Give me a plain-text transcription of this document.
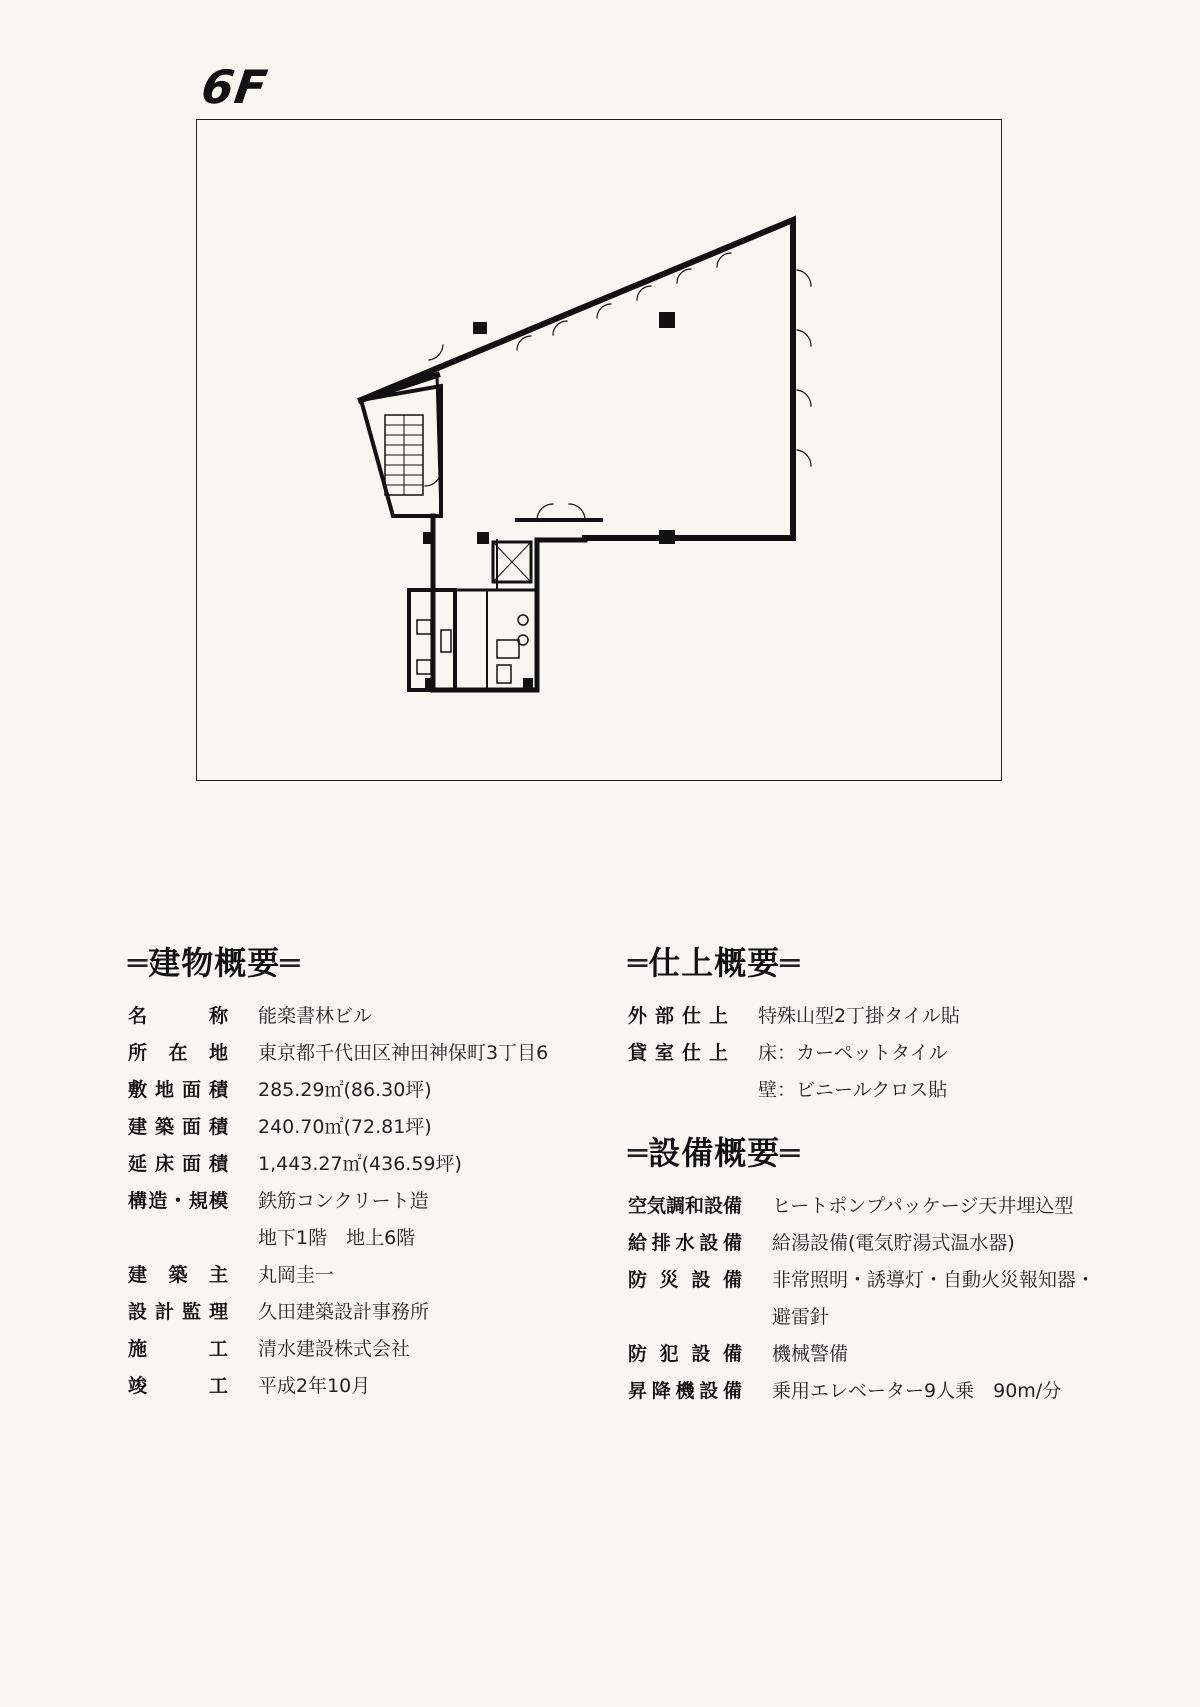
6F
═建物概要═
名　称		能楽書林ビル
所在地		東京都千代田区神田神保町3丁目6
敷地面積		285.29㎡(86.30坪)
建築面積		240.70㎡(72.81坪)
延床面積		1,443.27㎡(436.59坪)
構造・規模		鉄筋コンクリート造
		地下1階　地上6階
建築主		丸岡圭一
設計監理		久田建築設計事務所
施　工		清水建設株式会社
竣　工		平成2年10月
═仕上概要═
外部仕上		特殊山型2丁掛タイル貼
貸室仕上		床：カーペットタイル
		壁：ビニールクロス貼
═設備概要═
空気調和設備		ヒートポンプパッケージ天井埋込型
給排水設備		給湯設備(電気貯湯式温水器)
防災設備		非常照明・誘導灯・自動火災報知器・
		避雷針
防犯設備		機械警備
昇降機設備		乗用エレベーター9人乗　90m/分
